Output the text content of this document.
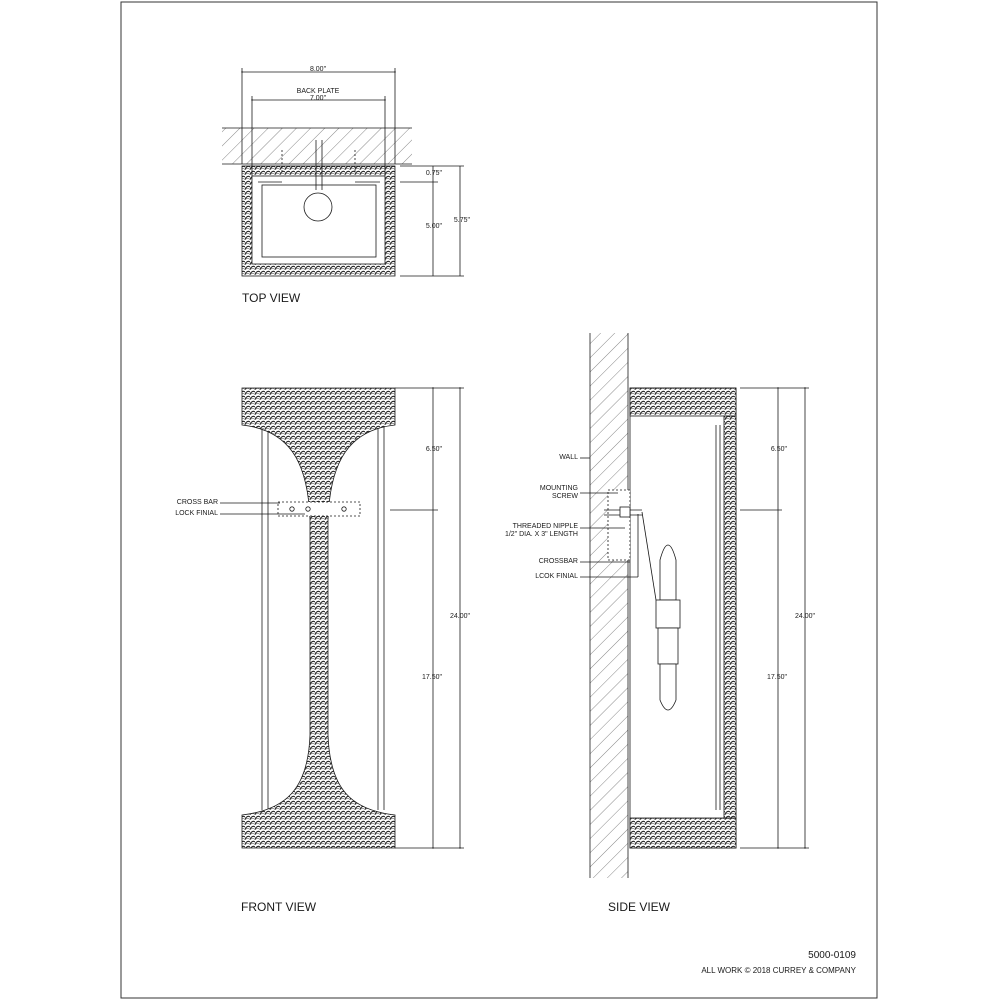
8.00"
BACK PLATE
7.00"
0.75"
5.00"
5.75"
TOP VIEW
CROSS BAR
LOCK FINIAL
6.50"
24.00"
17.50"
FRONT VIEW
WALL
MOUNTING
SCREW
THREADED NIPPLE
1/2" DIA. X 3" LENGTH
CROSSBAR
LCOK FINIAL
6.50"
24.00"
17.50"
SIDE VIEW
5000-0109
ALL WORK © 2018 CURREY & COMPANY
